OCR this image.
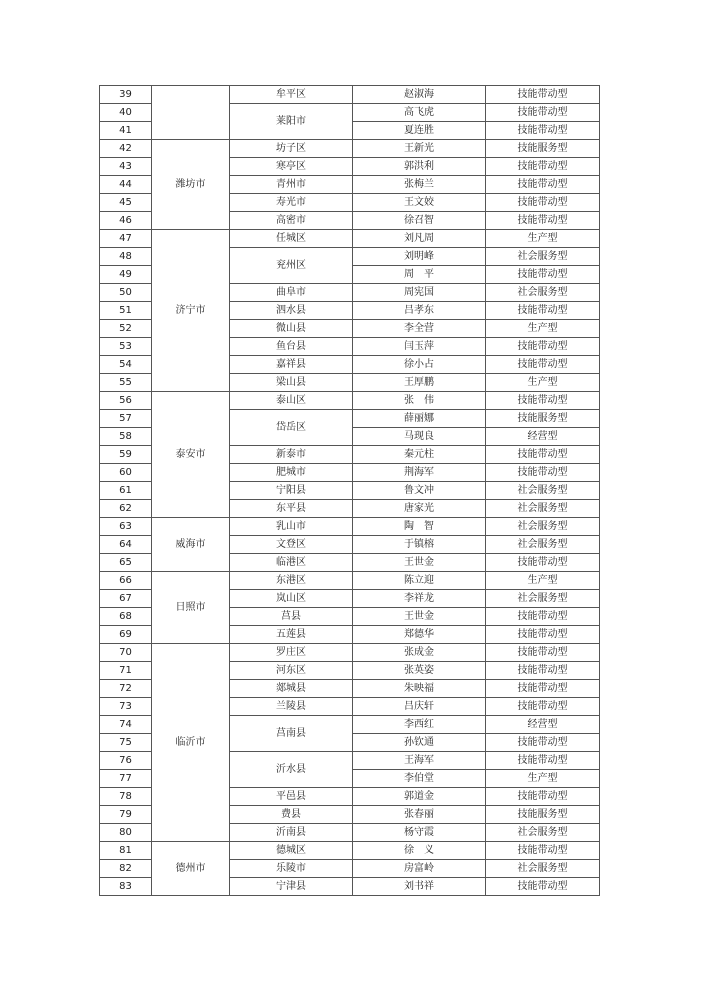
39		牟平区	赵淑海	技能带动型
40		莱阳市	高飞虎	技能带动型
41			夏连胜	技能带动型
42	潍坊市	坊子区	王新光	技能服务型
43		寒亭区	郭洪利	技能带动型
44		青州市	张梅兰	技能带动型
45		寿光市	王文姣	技能带动型
46		高密市	徐召智	技能带动型
47	济宁市	任城区	刘凡周	生产型
48		兖州区	刘明峰	社会服务型
49			周　平	技能带动型
50		曲阜市	周宪国	社会服务型
51		泗水县	吕孝东	技能带动型
52		微山县	李全营	生产型
53		鱼台县	闫玉萍	技能带动型
54		嘉祥县	徐小占	技能带动型
55		梁山县	王厚鹏	生产型
56	泰安市	泰山区	张　伟	技能带动型
57		岱岳区	薛丽娜	技能服务型
58			马现良	经营型
59		新泰市	秦元柱	技能带动型
60		肥城市	荆海军	技能带动型
61		宁阳县	鲁文冲	社会服务型
62		东平县	唐家光	社会服务型
63	威海市	乳山市	陶　智	社会服务型
64		文登区	于镇榕	社会服务型
65		临港区	王世金	技能带动型
66	日照市	东港区	陈立迎	生产型
67		岚山区	李祥龙	社会服务型
68		莒县	王世金	技能带动型
69		五莲县	郑德华	技能带动型
70	临沂市	罗庄区	张成金	技能带动型
71		河东区	张英姿	技能带动型
72		郯城县	朱映福	技能带动型
73		兰陵县	吕庆轩	技能带动型
74		莒南县	李西红	经营型
75			孙钦通	技能带动型
76		沂水县	王海军	技能带动型
77			李伯堂	生产型
78		平邑县	郭道金	技能带动型
79		费县	张春丽	技能服务型
80		沂南县	杨守霞	社会服务型
81	德州市	德城区	徐　义	技能带动型
82		乐陵市	房富岭	社会服务型
83		宁津县	刘书祥	技能带动型
